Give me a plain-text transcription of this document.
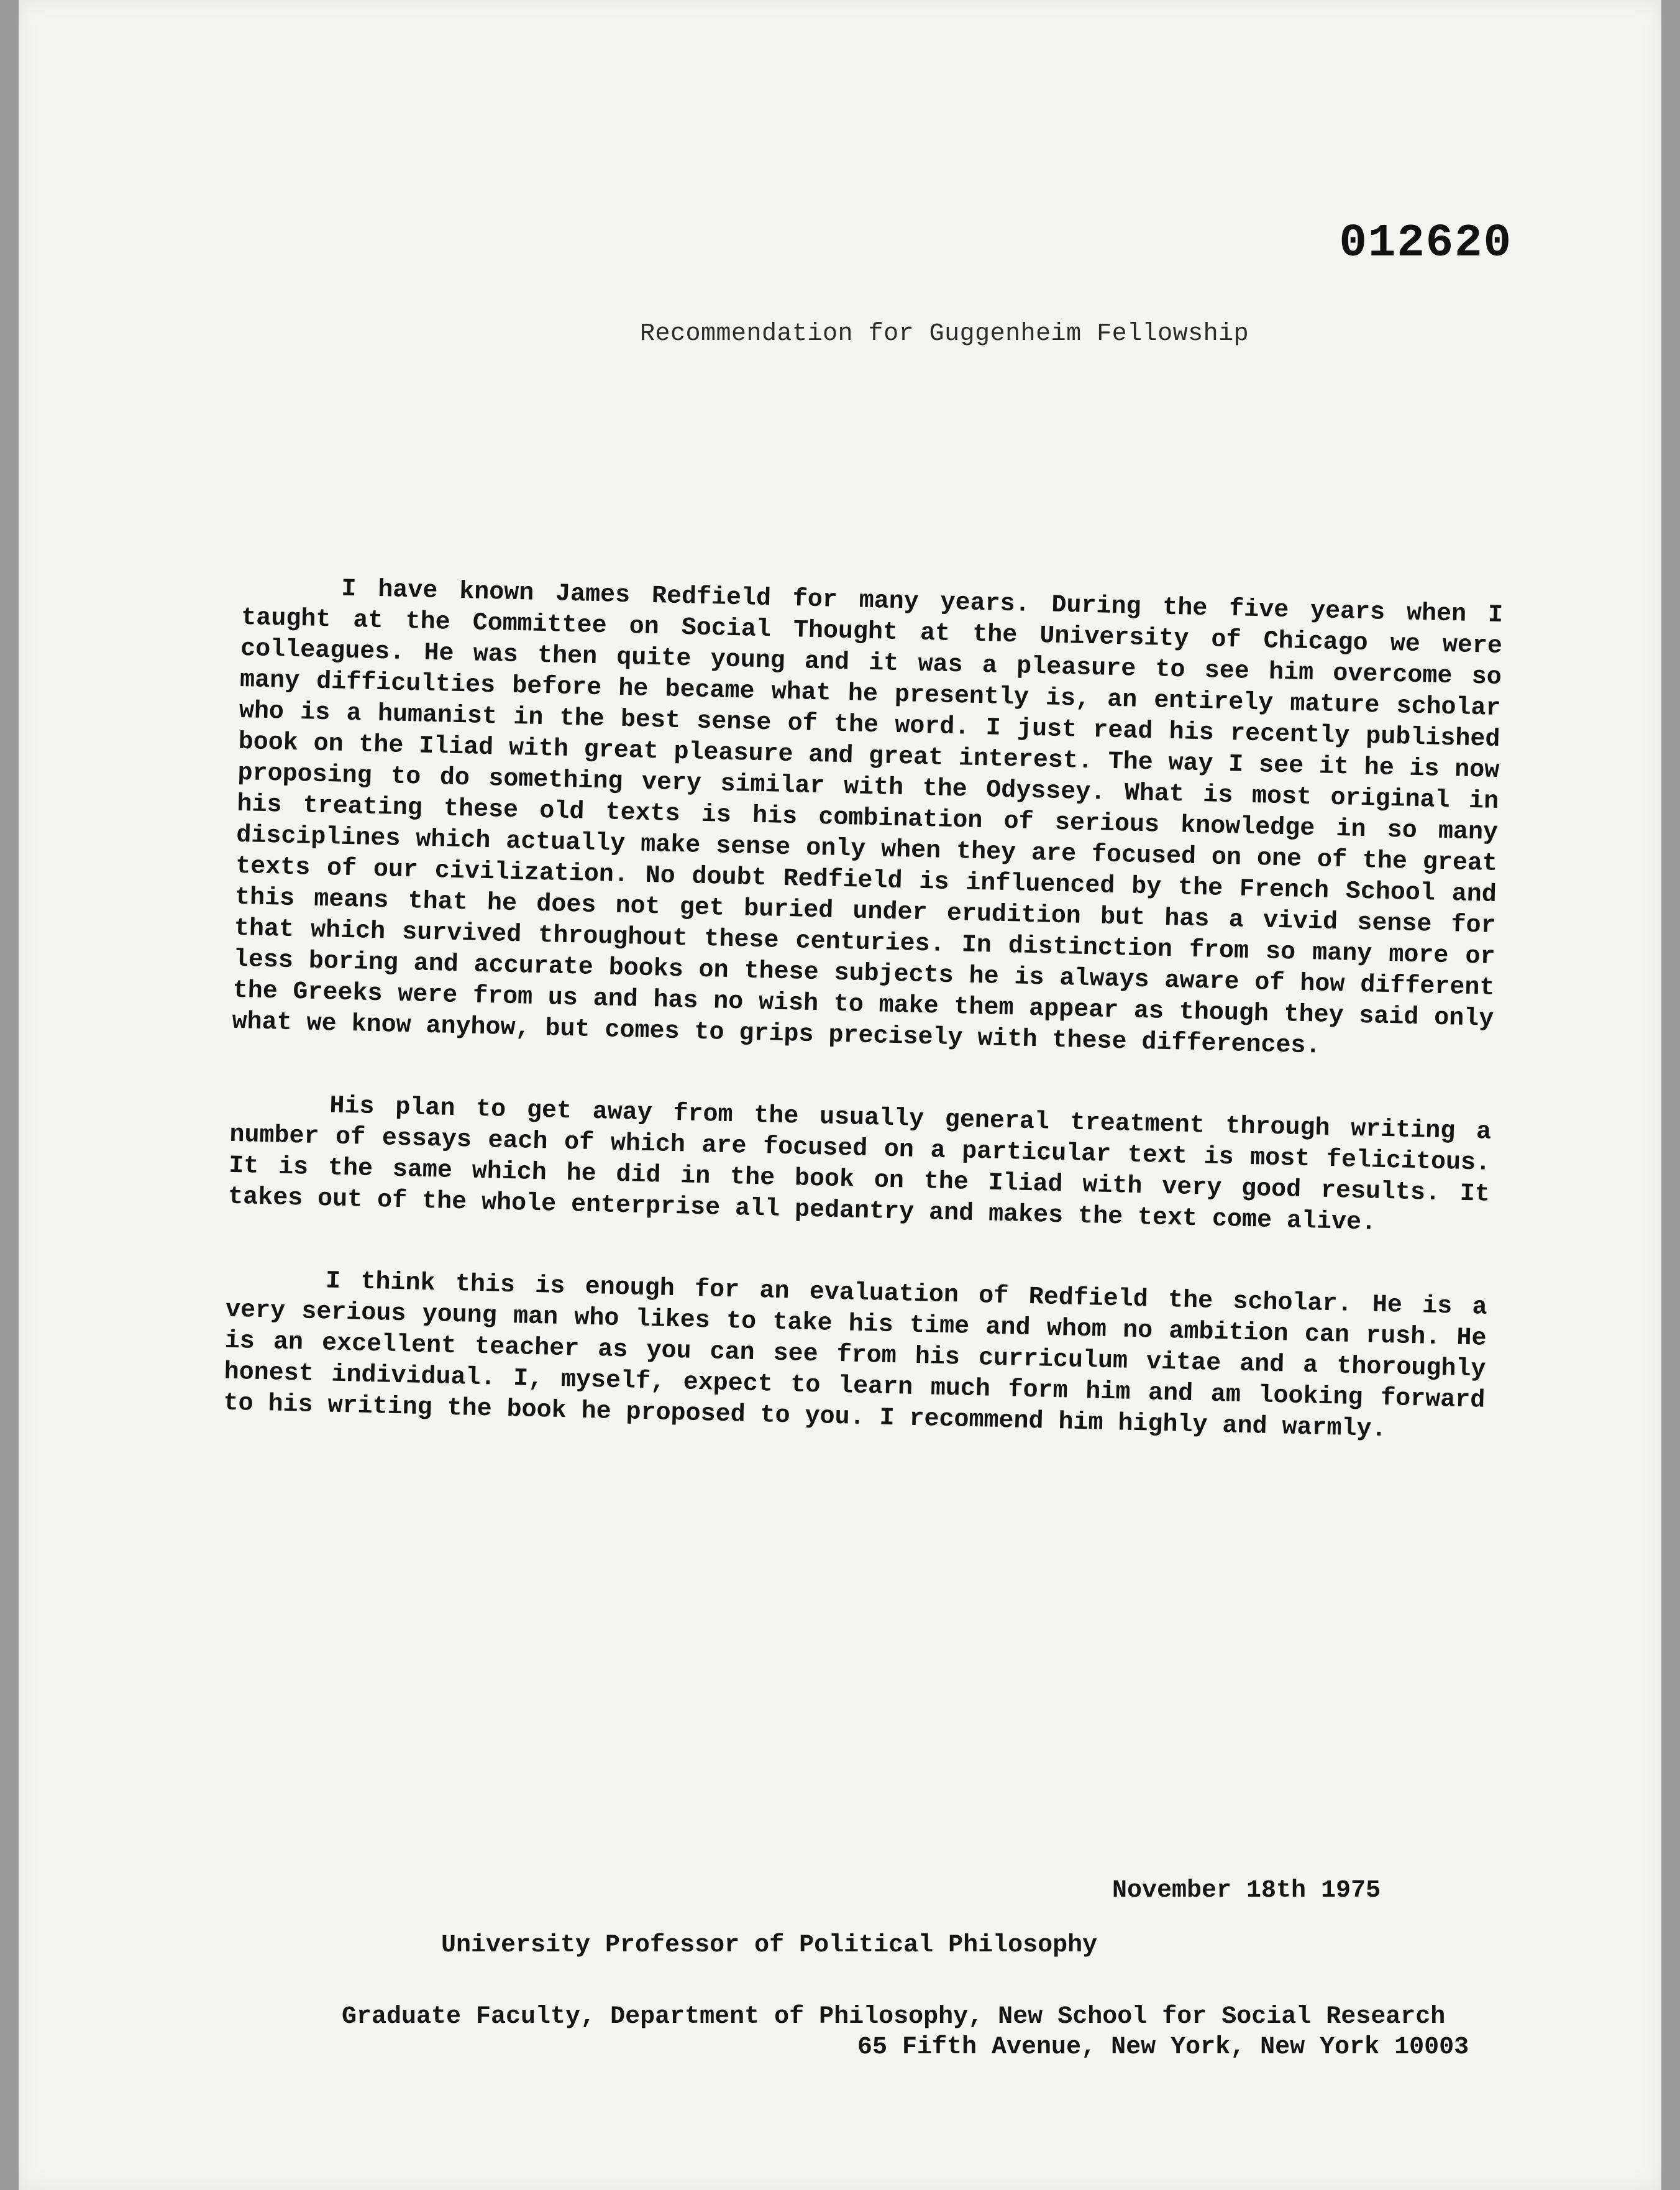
012620
Recommendation for Guggenheim Fellowship

I have known James Redfield for many years. During the five years when I taught at the Committee on Social Thought at the University of Chicago we were colleagues. He was then quite young and it was a pleasure to see him overcome so many difficulties before he became what he presently is, an entirely mature scholar who is a humanist in the best sense of the word. I just read his recently published book on the Iliad with great pleasure and great interest. The way I see it he is now proposing to do something very similar with the Odyssey. What is most original in his treating these old texts is his combination of serious knowledge in so many disciplines which actually make sense only when they are focused on one of the great texts of our civilization. No doubt Redfield is influenced by the French School and this means that he does not get buried under erudition but has a vivid sense for that which survived throughout these centuries. In distinction from so many more or less boring and accurate books on these subjects he is always aware of how different the Greeks were from us and has no wish to make them appear as though they said only what we know anyhow, but comes to grips precisely with these differences.

His plan to get away from the usually general treatment through writing a number of essays each of which are focused on a particular text is most felicitous. It is the same which he did in the book on the Iliad with very good results. It takes out of the whole enterprise all pedantry and makes the text come alive.

I think this is enough for an evaluation of Redfield the scholar. He is a very serious young man who likes to take his time and whom no ambition can rush. He is an excellent teacher as you can see from his curriculum vitae and a thoroughly honest individual. I, myself, expect to learn much form him and am looking forward to his writing the book he proposed to you. I recommend him highly and warmly.

November 18th 1975
University Professor of Political Philosophy
Graduate Faculty, Department of Philosophy, New School for Social Research
65 Fifth Avenue, New York, New York 10003
